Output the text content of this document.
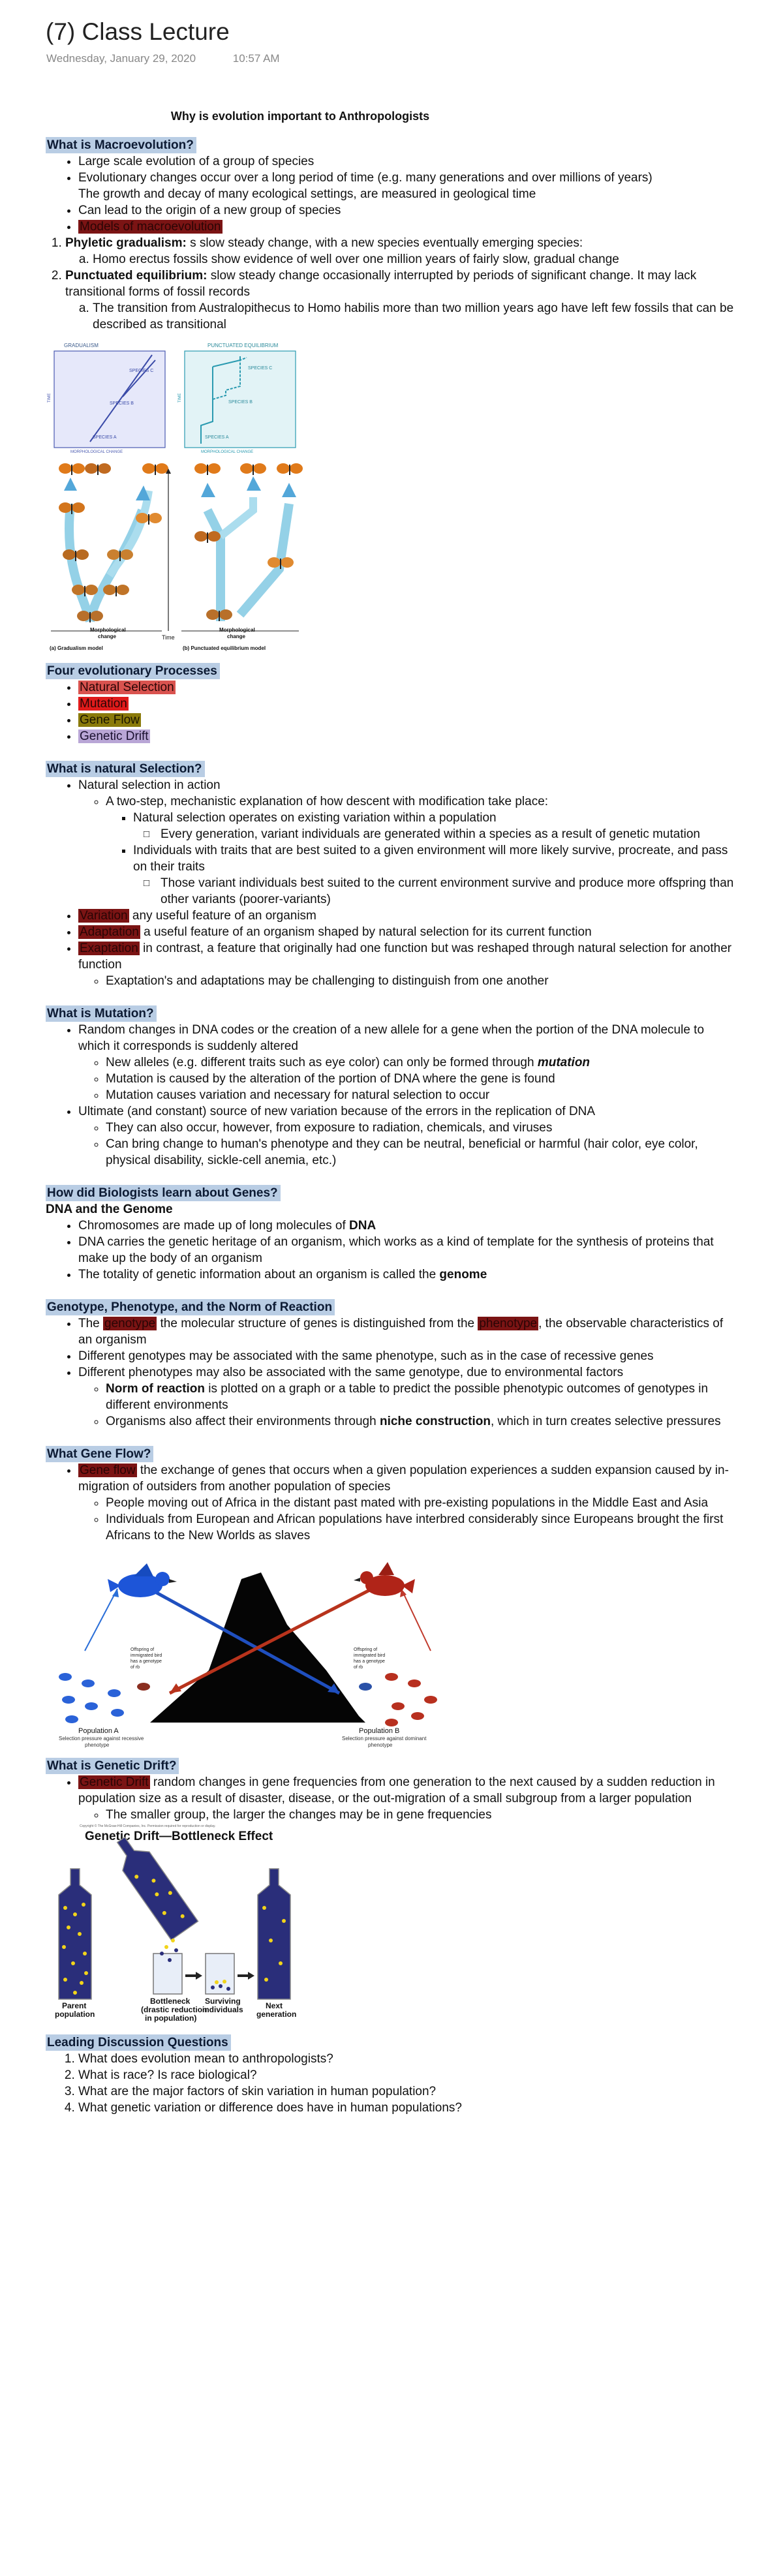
(7) Class Lecture
Wednesday, January 29, 2020	10:57 AM
Why is evolution important to Anthropologists
What is Macroevolution?
• Large scale evolution of a group of species
• Evolutionary changes occur over a long period of time (e.g. many generations and over millions of years)
The growth and decay of many ecological settings, are measured in geological time
• Can lead to the origin of a new group of species
• Models of macroevolution
1. Phyletic gradualism: s slow steady change, with a new species eventually emerging species:
a. Homo erectus fossils show evidence of well over one million years of fairly slow, gradual change
2. Punctuated equilibrium: slow steady change occasionally interrupted by periods of significant change. It may lack transitional forms of fossil records
a. The transition from Australopithecus to Homo habilis more than two million years ago have left few fossils that can be described as transitional
GRADUALISM
SPECIES C
SPECIES B
SPECIES A
MORPHOLOGICAL CHANGE
TIME
PUNCTUATED EQUILIBRIUM
SPECIES C
SPECIES B
SPECIES A
MORPHOLOGICAL CHANGE
TIME
Time
Morphological
change
Morphological
change
(a) Gradualism model	(b) Punctuated equilibrium model
Four evolutionary Processes
• Natural Selection
• Mutation
• Gene Flow
• Genetic Drift
What is natural Selection?
• Natural selection in action
◦ A two-step, mechanistic explanation of how descent with modification take place:
▪ Natural selection operates on existing variation within a population
□ Every generation, variant individuals are generated within a species as a result of genetic mutation
▪ Individuals with traits that are best suited to a given environment will more likely survive, procreate, and pass on their traits
□ Those variant individuals best suited to the current environment survive and produce more offspring than other variants (poorer-variants)
• Variation any useful feature of an organism
• Adaptation a useful feature of an organism shaped by natural selection for its current function
• Exaptation in contrast, a feature that originally had one function but was reshaped through natural selection for another function
◦ Exaptation's and adaptations may be challenging to distinguish from one another
What is Mutation?
• Random changes in DNA codes or the creation of a new allele for a gene when the portion of the DNA molecule to which it corresponds is suddenly altered
◦ New alleles (e.g. different traits such as eye color) can only be formed through mutation
◦ Mutation is caused by the alteration of the portion of DNA where the gene is found
◦ Mutation causes variation and necessary for natural selection to occur
• Ultimate (and constant) source of new variation because of the errors in the replication of DNA
◦ They can also occur, however, from exposure to radiation, chemicals, and viruses
◦ Can bring change to human's phenotype and they can be neutral, beneficial or harmful (hair color, eye color, physical disability, sickle-cell anemia, etc.)
How did Biologists learn about Genes?
DNA and the Genome
• Chromosomes are made up of long molecules of DNA
• DNA carries the genetic heritage of an organism, which works as a kind of template for the synthesis of proteins that make up the body of an organism
• The totality of genetic information about an organism is called the genome
Genotype, Phenotype, and the Norm of Reaction
• The genotype the molecular structure of genes is distinguished from the phenotype , the observable characteristics of an organism
• Different genotypes may be associated with the same phenotype, such as in the case of recessive genes
• Different phenotypes may also be associated with the same genotype, due to environmental factors
◦ Norm of reaction is plotted on a graph or a table to predict the possible phenotypic outcomes of genotypes in different environments
◦ Organisms also affect their environments through niche construction, which in turn creates selective pressures
What Gene Flow?
• Gene flow the exchange of genes that occurs when a given population experiences a sudden expansion caused by in-migration of outsiders from another population of species
◦ People moving out of Africa in the distant past mated with pre-existing populations in the Middle East and Asia
◦ Individuals from European and African populations have interbred considerably since Europeans brought the first Africans to the New Worlds as slaves
Offspring of
immigrated bird
has a genotype
of rb
Offspring of
immigrated bird
has a genotype
of rb
Population A
Selection pressure against recessive
phenotype
Population B
Selection pressure against dominant
phenotype
What is Genetic Drift?
• Genetic Drift random changes in gene frequencies from one generation to the next caused by a sudden reduction in population size as a result of disaster, disease, or the out-migration of a small subgroup from a larger population
◦ The smaller group, the larger the changes may be in gene frequencies
Copyright © The McGraw-Hill Companies, Inc. Permission required for reproduction or display.
Genetic Drift—Bottleneck Effect
Parent
population
Bottleneck
(drastic reduction
in population)
Surviving
individuals	Next
generation
Leading Discussion Questions
1. What does evolution mean to anthropologists?
2. What is race? Is race biological?
3. What are the major factors of skin variation in human population?
4. What genetic variation or difference does have in human populations?
